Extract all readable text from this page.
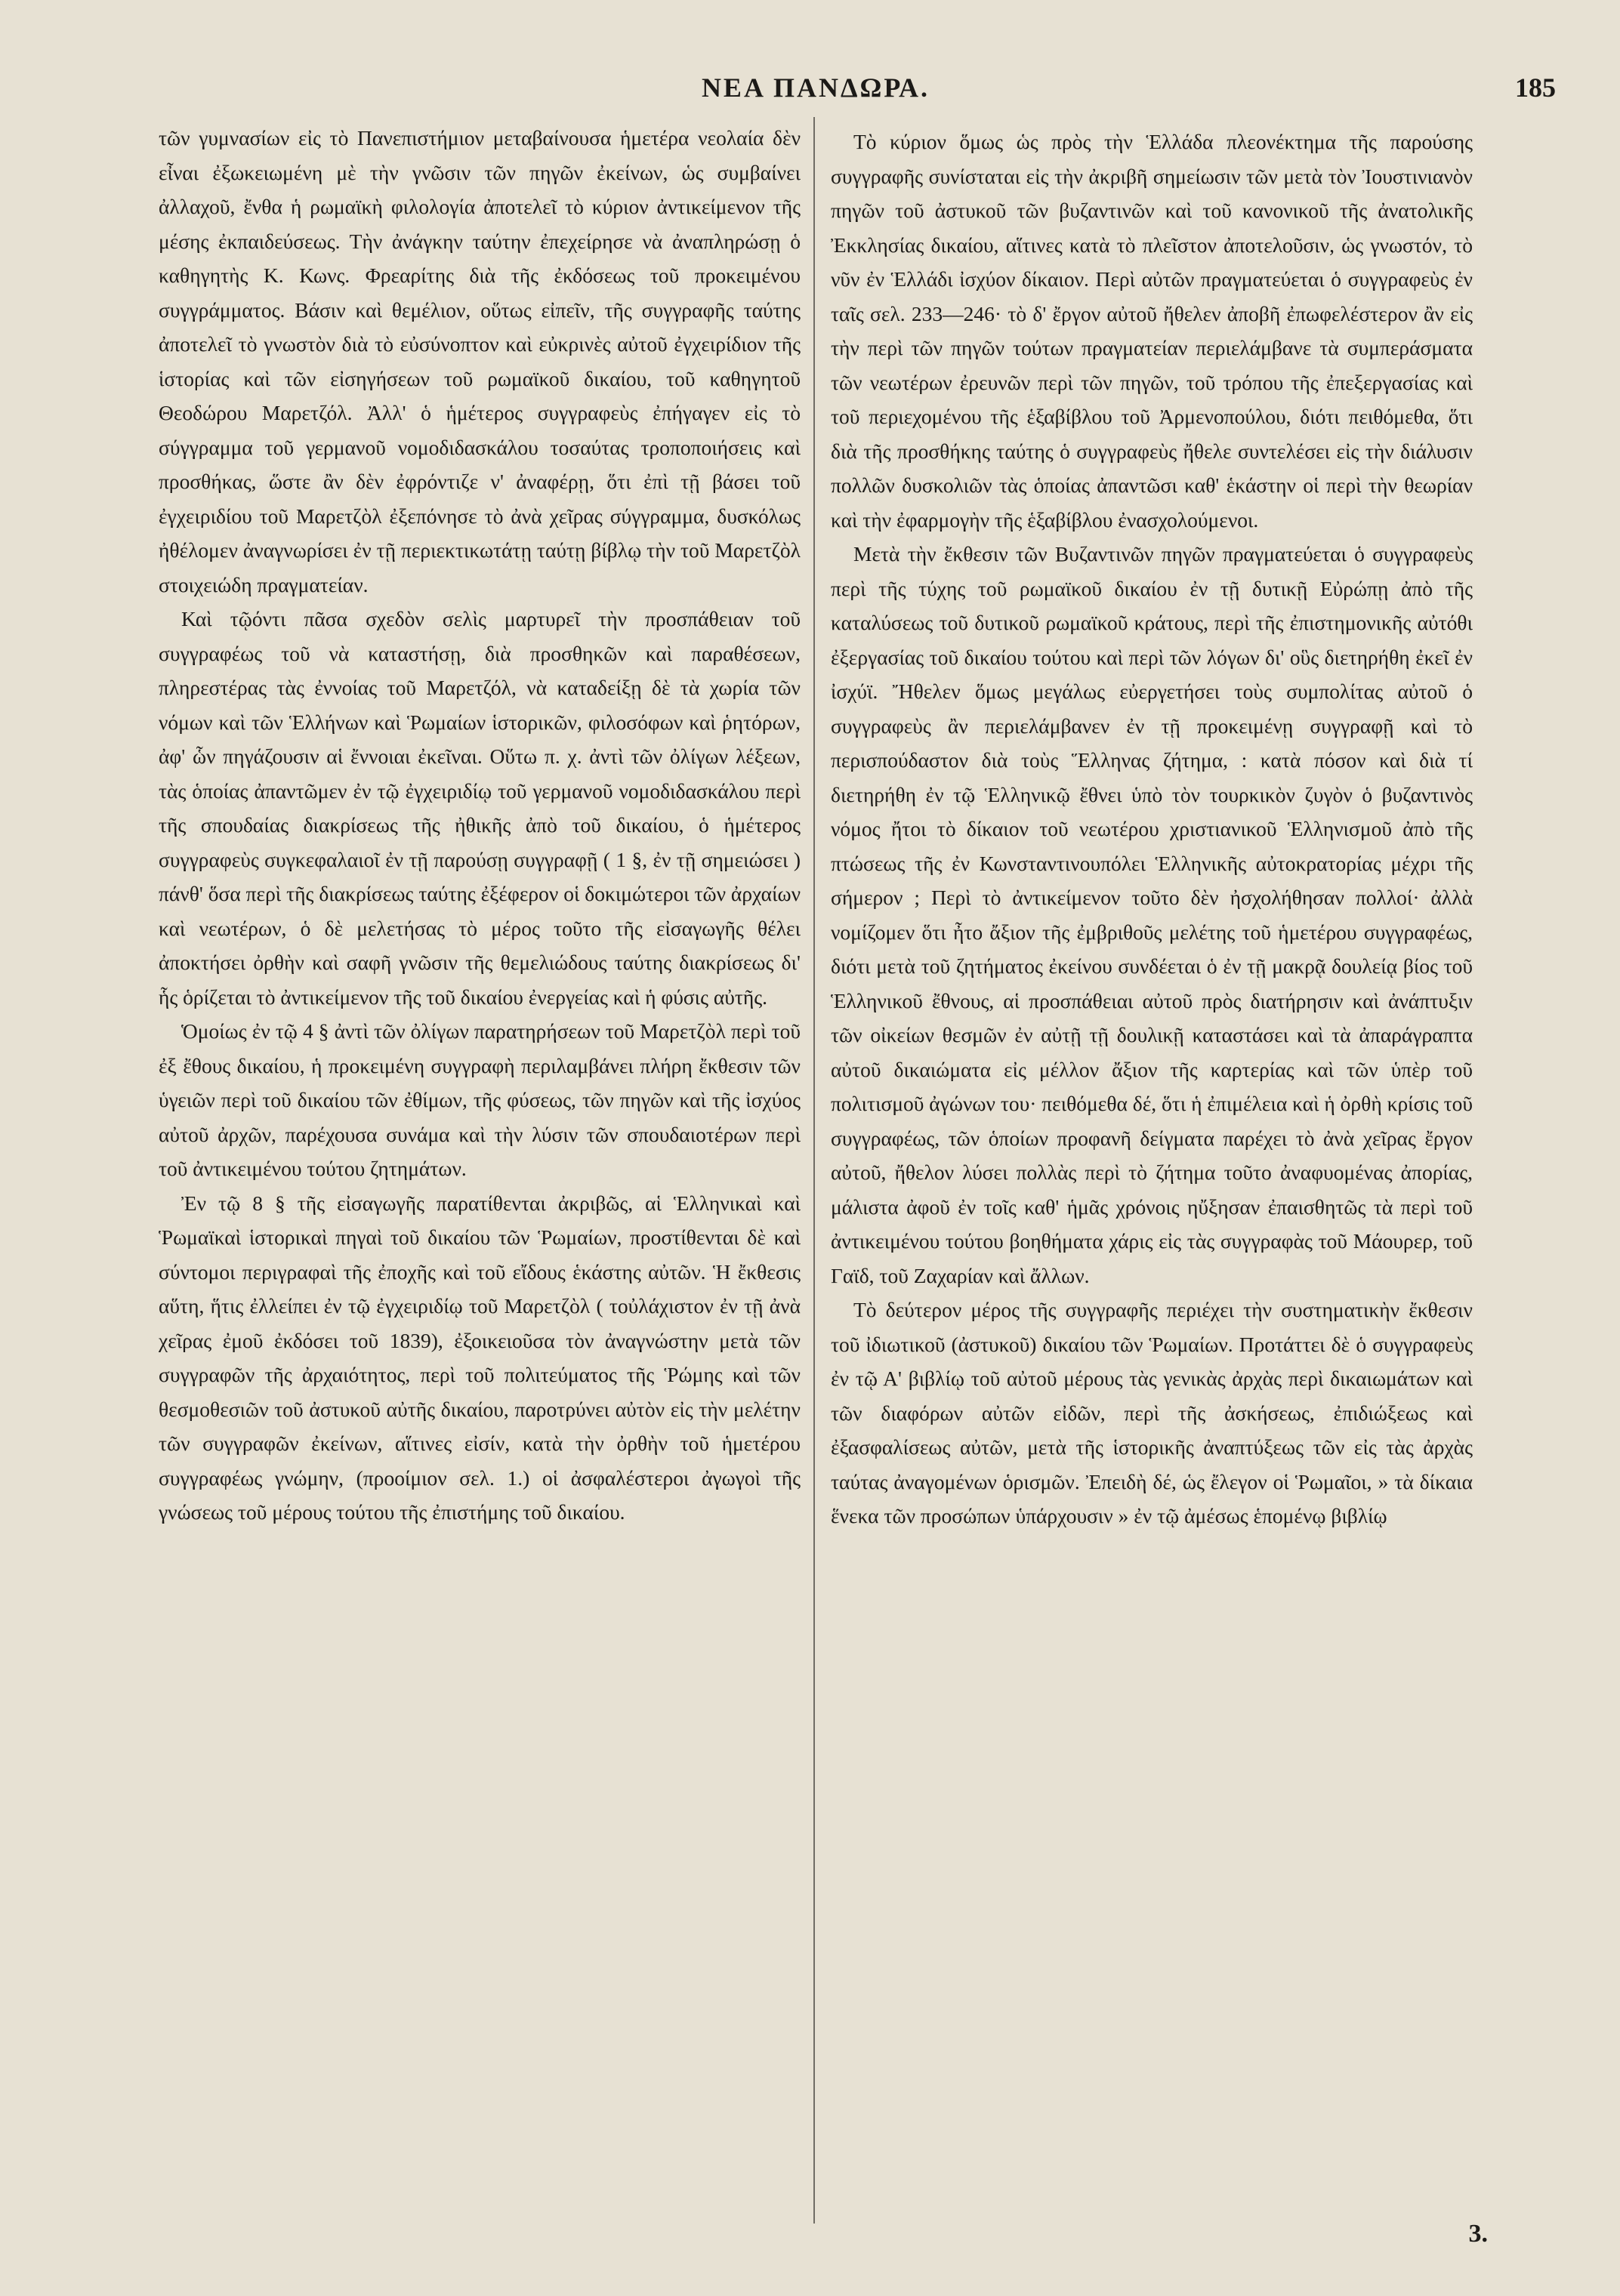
ΝΕΑ ΠΑΝΔΩΡΑ.	185

τῶν γυμνασίων εἰς τὸ Πανεπιστήμιον μεταβαίνουσα ἡμετέρα νεολαία δὲν εἶναι ἐξωκειωμένη μὲ τὴν γνῶσιν τῶν πηγῶν ἐκείνων, ὡς συμβαίνει ἀλλαχοῦ, ἔνθα ἡ ρωμαϊκὴ φιλολογία ἀποτελεῖ τὸ κύριον ἀντικείμενον τῆς μέσης ἐκπαιδεύσεως. Τὴν ἀνάγκην ταύτην ἐπεχείρησε νὰ ἀναπληρώσῃ ὁ καθηγητὴς Κ. Κωνς. Φρεαρίτης διὰ τῆς ἐκδόσεως τοῦ προκειμένου συγγράμματος. Βάσιν καὶ θεμέλιον, οὕτως εἰπεῖν, τῆς συγγραφῆς ταύτης ἀποτελεῖ τὸ γνωστὸν διὰ τὸ εὐσύνοπτον καὶ εὐκρινὲς αὐτοῦ ἐγχειρίδιον τῆς ἱστορίας καὶ τῶν εἰσηγήσεων τοῦ ρωμαϊκοῦ δικαίου, τοῦ καθηγητοῦ Θεοδώρου Μαρετζόλ. Ἀλλ' ὁ ἡμέτερος συγγραφεὺς ἐπήγαγεν εἰς τὸ σύγγραμμα τοῦ γερμανοῦ νομοδιδασκάλου τοσαύτας τροποποιήσεις καὶ προσθήκας, ὥστε ἂν δὲν ἐφρόντιζε ν' ἀναφέρῃ, ὅτι ἐπὶ τῇ βάσει τοῦ ἐγχειριδίου τοῦ Μαρετζὸλ ἐξεπόνησε τὸ ἀνὰ χεῖρας σύγγραμμα, δυσκόλως ἠθέλομεν ἀναγνωρίσει ἐν τῇ περιεκτικωτάτῃ ταύτῃ βίβλῳ τὴν τοῦ Μαρετζὸλ στοιχειώδη πραγματείαν.

Καὶ τῷόντι πᾶσα σχεδὸν σελὶς μαρτυρεῖ τὴν προσπάθειαν τοῦ συγγραφέως τοῦ νὰ καταστήσῃ, διὰ προσθηκῶν καὶ παραθέσεων, πληρεστέρας τὰς ἐννοίας τοῦ Μαρετζόλ, νὰ καταδείξῃ δὲ τὰ χωρία τῶν νόμων καὶ τῶν Ἑλλήνων καὶ Ῥωμαίων ἱστορικῶν, φιλοσόφων καὶ ῥητόρων, ἀφ' ὧν πηγάζουσιν αἱ ἔννοιαι ἐκεῖναι. Οὕτω π. χ. ἀντὶ τῶν ὀλίγων λέξεων, τὰς ὁποίας ἀπαντῶμεν ἐν τῷ ἐγχειριδίῳ τοῦ γερμανοῦ νομοδιδασκάλου περὶ τῆς σπουδαίας διακρίσεως τῆς ἠθικῆς ἀπὸ τοῦ δικαίου, ὁ ἡμέτερος συγγραφεὺς συγκεφαλαιοῖ ἐν τῇ παρούσῃ συγγραφῇ ( 1 §, ἐν τῇ σημειώσει ) πάνθ' ὅσα περὶ τῆς διακρίσεως ταύτης ἐξέφερον οἱ δοκιμώτεροι τῶν ἀρχαίων καὶ νεωτέρων, ὁ δὲ μελετήσας τὸ μέρος τοῦτο τῆς εἰσαγωγῆς θέλει ἀποκτήσει ὀρθὴν καὶ σαφῆ γνῶσιν τῆς θεμελιώδους ταύτης διακρίσεως δι' ἧς ὁρίζεται τὸ ἀντικείμενον τῆς τοῦ δικαίου ἐνεργείας καὶ ἡ φύσις αὐτῆς.

Ὁμοίως ἐν τῷ 4 § ἀντὶ τῶν ὀλίγων παρατηρήσεων τοῦ Μαρετζὸλ περὶ τοῦ ἐξ ἔθους δικαίου, ἡ προκειμένη συγγραφὴ περιλαμβάνει πλήρη ἔκθεσιν τῶν ὑγειῶν περὶ τοῦ δικαίου τῶν ἐθίμων, τῆς φύσεως, τῶν πηγῶν καὶ τῆς ἰσχύος αὐτοῦ ἀρχῶν, παρέχουσα συνάμα καὶ τὴν λύσιν τῶν σπουδαιοτέρων περὶ τοῦ ἀντικειμένου τούτου ζητημάτων.

Ἐν τῷ 8 § τῆς εἰσαγωγῆς παρατίθενται ἀκριβῶς, αἱ Ἑλληνικαὶ καὶ Ῥωμαϊκαὶ ἱστορικαὶ πηγαὶ τοῦ δικαίου τῶν Ῥωμαίων, προστίθενται δὲ καὶ σύντομοι περιγραφαὶ τῆς ἐποχῆς καὶ τοῦ εἴδους ἑκάστης αὐτῶν. Ἡ ἔκθεσις αὕτη, ἥτις ἐλλείπει ἐν τῷ ἐγχειριδίῳ τοῦ Μαρετζὸλ ( τοὐλάχιστον ἐν τῇ ἀνὰ χεῖρας ἐμοῦ ἐκδόσει τοῦ 1839), ἐξοικειοῦσα τὸν ἀναγνώστην μετὰ τῶν συγγραφῶν τῆς ἀρχαιότητος, περὶ τοῦ πολιτεύματος τῆς Ῥώμης καὶ τῶν θεσμοθεσιῶν τοῦ ἀστυκοῦ αὐτῆς δικαίου, παροτρύνει αὐτὸν εἰς τὴν μελέτην τῶν συγγραφῶν ἐκείνων, αἵτινες εἰσίν, κατὰ τὴν ὀρθὴν τοῦ ἡμετέρου συγγραφέως γνώμην, (προοίμιον σελ. 1.) οἱ ἀσφαλέστεροι ἀγωγοὶ τῆς γνώσεως τοῦ μέρους τούτου τῆς ἐπιστήμης τοῦ δικαίου.

Τὸ κύριον ὅμως ὡς πρὸς τὴν Ἑλλάδα πλεονέκτημα τῆς παρούσης συγγραφῆς συνίσταται εἰς τὴν ἀκριβῆ σημείωσιν τῶν μετὰ τὸν Ἰουστινιανὸν πηγῶν τοῦ ἀστυκοῦ τῶν βυζαντινῶν καὶ τοῦ κανονικοῦ τῆς ἀνατολικῆς Ἐκκλησίας δικαίου, αἵτινες κατὰ τὸ πλεῖστον ἀποτελοῦσιν, ὡς γνωστόν, τὸ νῦν ἐν Ἑλλάδι ἰσχύον δίκαιον. Περὶ αὐτῶν πραγματεύεται ὁ συγγραφεὺς ἐν ταῖς σελ. 233—246· τὸ δ' ἔργον αὐτοῦ ἤθελεν ἀποβῆ ἐπωφελέστερον ἂν εἰς τὴν περὶ τῶν πηγῶν τούτων πραγματείαν περιελάμβανε τὰ συμπεράσματα τῶν νεωτέρων ἐρευνῶν περὶ τῶν πηγῶν, τοῦ τρόπου τῆς ἐπεξεργασίας καὶ τοῦ περιεχομένου τῆς ἑξαβίβλου τοῦ Ἀρμενοπούλου, διότι πειθόμεθα, ὅτι διὰ τῆς προσθήκης ταύτης ὁ συγγραφεὺς ἤθελε συντελέσει εἰς τὴν διάλυσιν πολλῶν δυσκολιῶν τὰς ὁποίας ἀπαντῶσι καθ' ἑκάστην οἱ περὶ τὴν θεωρίαν καὶ τὴν ἐφαρμογὴν τῆς ἑξαβίβλου ἐνασχολούμενοι.

Μετὰ τὴν ἔκθεσιν τῶν Βυζαντινῶν πηγῶν πραγματεύεται ὁ συγγραφεὺς περὶ τῆς τύχης τοῦ ρωμαϊκοῦ δικαίου ἐν τῇ δυτικῇ Εὐρώπῃ ἀπὸ τῆς καταλύσεως τοῦ δυτικοῦ ρωμαϊκοῦ κράτους, περὶ τῆς ἐπιστημονικῆς αὐτόθι ἐξεργασίας τοῦ δικαίου τούτου καὶ περὶ τῶν λόγων δι' οὓς διετηρήθη ἐκεῖ ἐν ἰσχύϊ. Ἤθελεν ὅμως μεγάλως εὐεργετήσει τοὺς συμπολίτας αὐτοῦ ὁ συγγραφεὺς ἂν περιελάμβανεν ἐν τῇ προκειμένῃ συγγραφῇ καὶ τὸ περισπούδαστον διὰ τοὺς Ἕλληνας ζήτημα, : κατὰ πόσον καὶ διὰ τί διετηρήθη ἐν τῷ Ἑλληνικῷ ἔθνει ὑπὸ τὸν τουρκικὸν ζυγὸν ὁ βυζαντινὸς νόμος ἤτοι τὸ δίκαιον τοῦ νεωτέρου χριστιανικοῦ Ἑλληνισμοῦ ἀπὸ τῆς πτώσεως τῆς ἐν Κωνσταντινουπόλει Ἑλληνικῆς αὐτοκρατορίας μέχρι τῆς σήμερον ; Περὶ τὸ ἀντικείμενον τοῦτο δὲν ἠσχολήθησαν πολλοί· ἀλλὰ νομίζομεν ὅτι ἦτο ἄξιον τῆς ἐμβριθοῦς μελέτης τοῦ ἡμετέρου συγγραφέως, διότι μετὰ τοῦ ζητήματος ἐκείνου συνδέεται ὁ ἐν τῇ μακρᾷ δουλείᾳ βίος τοῦ Ἑλληνικοῦ ἔθνους, αἱ προσπάθειαι αὐτοῦ πρὸς διατήρησιν καὶ ἀνάπτυξιν τῶν οἰκείων θεσμῶν ἐν αὐτῇ τῇ δουλικῇ καταστάσει καὶ τὰ ἀπαράγραπτα αὐτοῦ δικαιώματα εἰς μέλλον ἄξιον τῆς καρτερίας καὶ τῶν ὑπὲρ τοῦ πολιτισμοῦ ἀγώνων του· πειθόμεθα δέ, ὅτι ἡ ἐπιμέλεια καὶ ἡ ὀρθὴ κρίσις τοῦ συγγραφέως, τῶν ὁποίων προφανῆ δείγματα παρέχει τὸ ἀνὰ χεῖρας ἔργον αὐτοῦ, ἤθελον λύσει πολλὰς περὶ τὸ ζήτημα τοῦτο ἀναφυομένας ἀπορίας, μάλιστα ἀφοῦ ἐν τοῖς καθ' ἡμᾶς χρόνοις ηὔξησαν ἐπαισθητῶς τὰ περὶ τοῦ ἀντικειμένου τούτου βοηθήματα χάρις εἰς τὰς συγγραφὰς τοῦ Μάουρερ, τοῦ Γαϊδ, τοῦ Ζαχαρίαν καὶ ἄλλων.

Τὸ δεύτερον μέρος τῆς συγγραφῆς περιέχει τὴν συστηματικὴν ἔκθεσιν τοῦ ἰδιωτικοῦ (ἀστυκοῦ) δικαίου τῶν Ῥωμαίων. Προτάττει δὲ ὁ συγγραφεὺς ἐν τῷ Α' βιβλίῳ τοῦ αὐτοῦ μέρους τὰς γενικὰς ἀρχὰς περὶ δικαιωμάτων καὶ τῶν διαφόρων αὐτῶν εἰδῶν, περὶ τῆς ἀσκήσεως, ἐπιδιώξεως καὶ ἐξασφαλίσεως αὐτῶν, μετὰ τῆς ἱστορικῆς ἀναπτύξεως τῶν εἰς τὰς ἀρχὰς ταύτας ἀναγομένων ὁρισμῶν. Ἐπειδὴ δέ, ὡς ἔλεγον οἱ Ῥωμαῖοι, » τὰ δίκαια ἕνεκα τῶν προσώπων ὑπάρχουσιν » ἐν τῷ ἀμέσως ἑπομένῳ βιβλίῳ

3.
